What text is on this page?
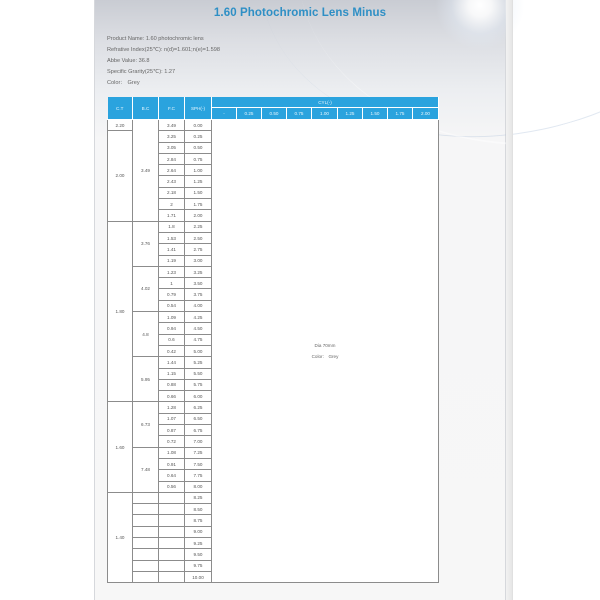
1.60 Photochromic Lens Minus
Product Name: 1.60 photochromic lens
Refrative Index(25℃): n(d)=1.601;n(e)=1.598
Abbe Value: 36.8
Specific Grarity(25℃): 1.27
Color： Grey
C.T	B.C	F.C	SPH(-)	CYL(-)								
				-	0.25	0.50	0.75	1.00	1.25	1.50	1.75	2.00
2.20	3.49	3.49	0.00	Dia 70mm
Color： Grey								

2.00		3.25	0.25									
		3.05	0.50									
		2.84	0.75									
		2.64	1.00									
		2.43	1.25									
		2.18	1.50									
		2	1.75									
		1.71	2.00									
1.80	3.76	1.8	2.25									
		1.53	2.50									
		1.41	2.75									
		1.19	3.00									
	4.02	1.23	3.25									
		1	3.50									
		0.79	3.75									
		0.54	4.00									
	4.8	1.09	4.25									
		0.94	4.50									
		0.6	4.75									
		0.42	5.00									
	5.95	1.44	5.25									
		1.15	5.50									
		0.88	5.75									
		0.66	6.00									
1.60	6.73	1.28	6.25									
		1.07	6.50									
		0.87	6.75									
		0.72	7.00									
	7.48	1.08	7.25									
		0.91	7.50									
		0.64	7.75									
		0.56	8.00									
1.40			8.25									
			8.50									
			8.75									
			9.00									
			9.25									
			9.50									
			9.75									
			10.00									
